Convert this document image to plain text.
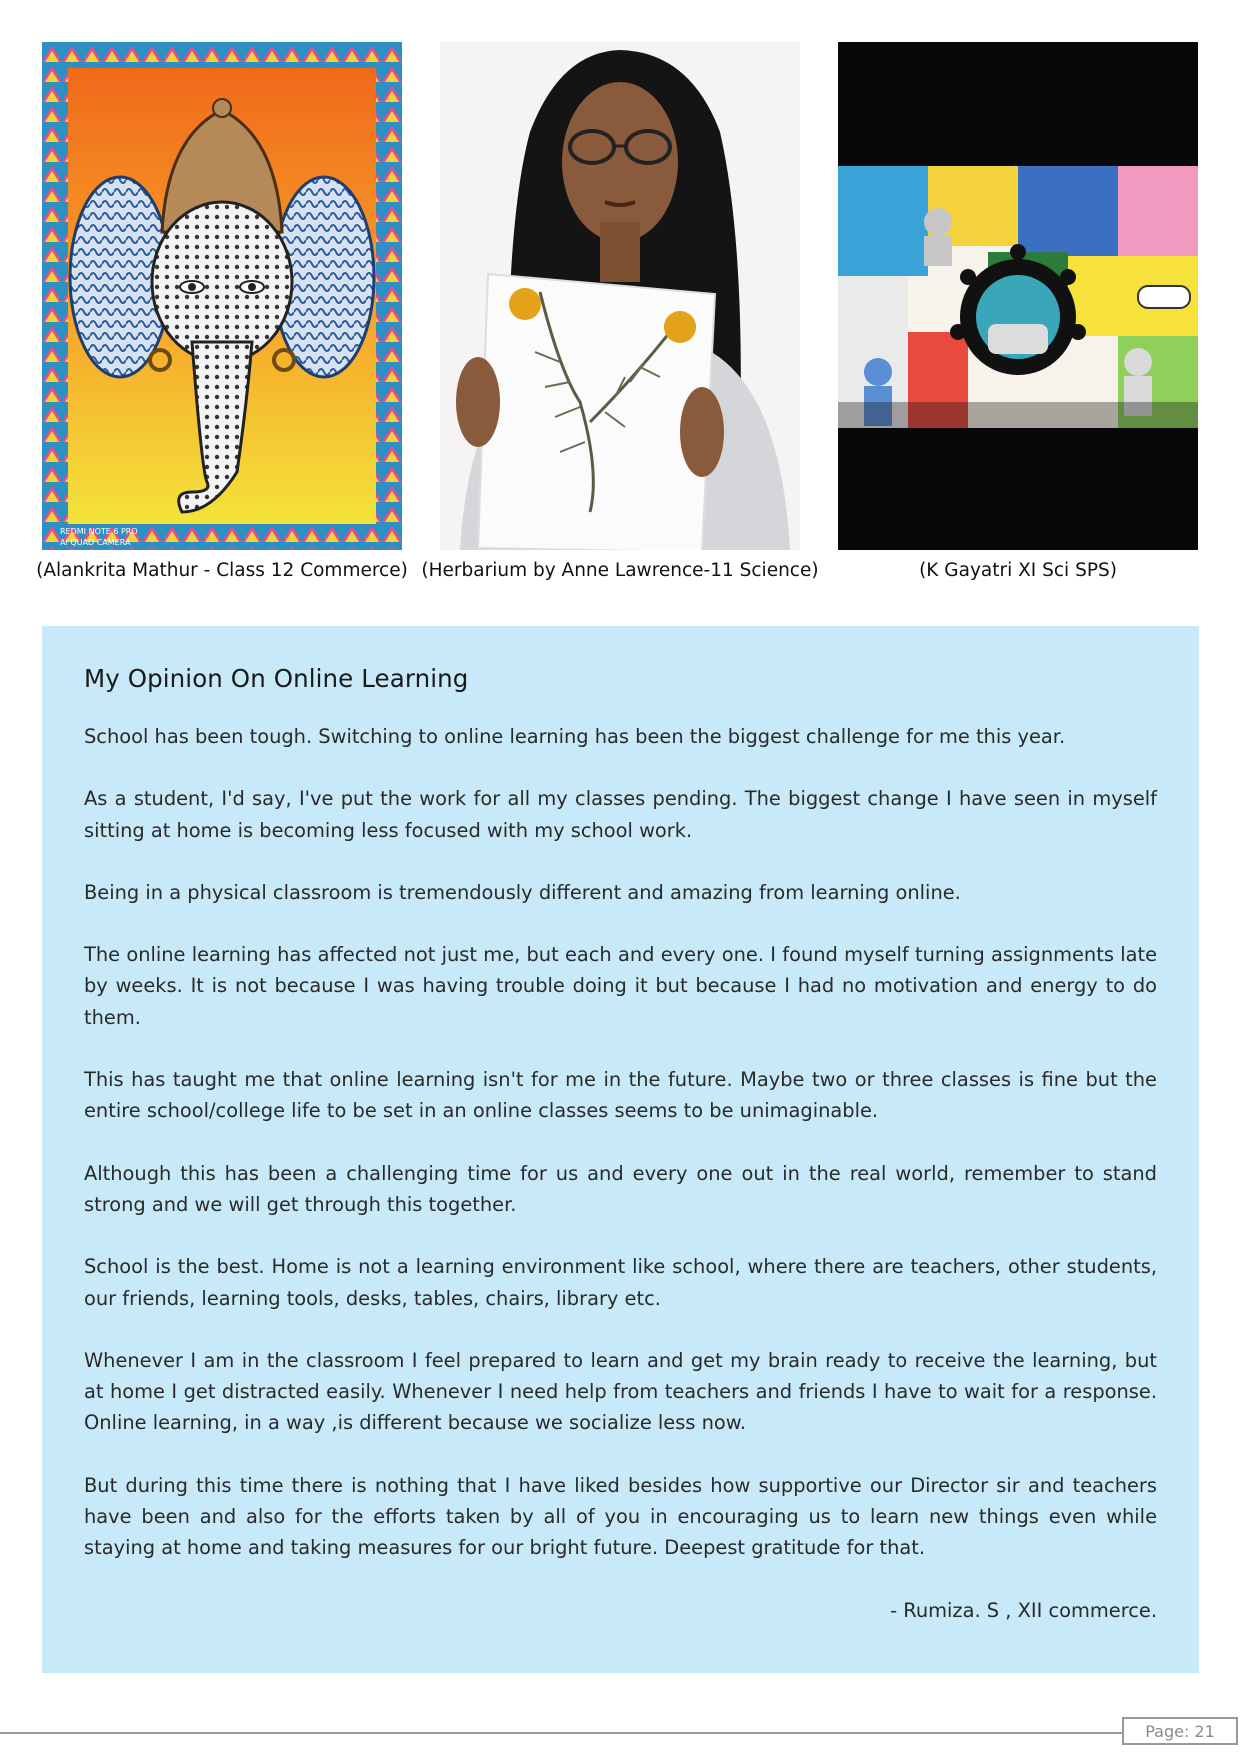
REDMI NOTE 6 PRO
AI QUAD CAMERA
(Alankrita Mathur - Class 12 Commerce) (Herbarium by Anne Lawrence-11 Science)	(K Gayatri XI Sci SPS)
My Opinion On Online Learning

School has been tough. Switching to online learning has been the biggest challenge for me this year.

As a student, I'd say, I've put the work for all my classes pending. The biggest change I have seen in myself sitting at home is becoming less focused with my school work.

Being in a physical classroom is tremendously different and amazing from learning online.

The online learning has affected not just me, but each and every one. I found myself turning assignments late by weeks. It is not because I was having trouble doing it but because I had no motivation and energy to do them.

This has taught me that online learning isn't for me in the future. Maybe two or three classes is fine but the entire school/college life to be set in an online classes seems to be unimaginable.

Although this has been a challenging time for us and every one out in the real world, remember to stand strong and we will get through this together.

School is the best. Home is not a learning environment like school, where there are teachers, other students, our friends, learning tools, desks, tables, chairs, library etc.

Whenever I am in the classroom I feel prepared to learn and get my brain ready to receive the learning, but at home I get distracted easily. Whenever I need help from teachers and friends I have to wait for a response. Online learning, in a way ,is different because we socialize less now.

But during this time there is nothing that I have liked besides how supportive our Director sir and teachers have been and also for the efforts taken by all of you in encouraging us to learn new things even while staying at home and taking measures for our bright future. Deepest gratitude for that.

- Rumiza. S , XII commerce.

Page: 21
